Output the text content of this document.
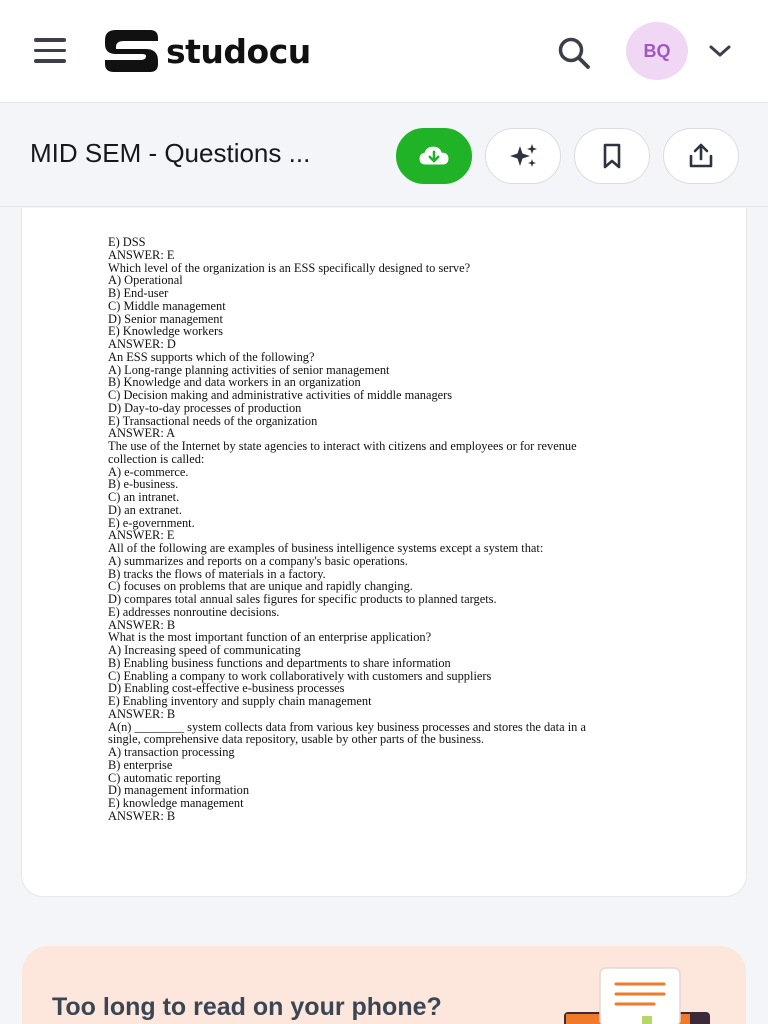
studocu	BQ
MID SEM - Questions ...
E) DSS
ANSWER: E
Which level of the organization is an ESS specifically designed to serve?
A) Operational
B) End-user
C) Middle management
D) Senior management
E) Knowledge workers
ANSWER: D
An ESS supports which of the following?
A) Long-range planning activities of senior management
B) Knowledge and data workers in an organization
C) Decision making and administrative activities of middle managers
D) Day-to-day processes of production
E) Transactional needs of the organization
ANSWER: A
The use of the Internet by state agencies to interact with citizens and employees or for revenue
collection is called:
A) e-commerce.
B) e-business.
C) an intranet.
D) an extranet.
E) e-government.
ANSWER: E
All of the following are examples of business intelligence systems except a system that:
A) summarizes and reports on a company's basic operations.
B) tracks the flows of materials in a factory.
C) focuses on problems that are unique and rapidly changing.
D) compares total annual sales figures for specific products to planned targets.
E) addresses nonroutine decisions.
ANSWER: B
What is the most important function of an enterprise application?
A) Increasing speed of communicating
B) Enabling business functions and departments to share information
C) Enabling a company to work collaboratively with customers and suppliers
D) Enabling cost-effective e-business processes
E) Enabling inventory and supply chain management
ANSWER: B
A(n) ________ system collects data from various key business processes and stores the data in a
single, comprehensive data repository, usable by other parts of the business.
A) transaction processing
B) enterprise
C) automatic reporting
D) management information
E) knowledge management
ANSWER: B
Too long to read on your phone?
